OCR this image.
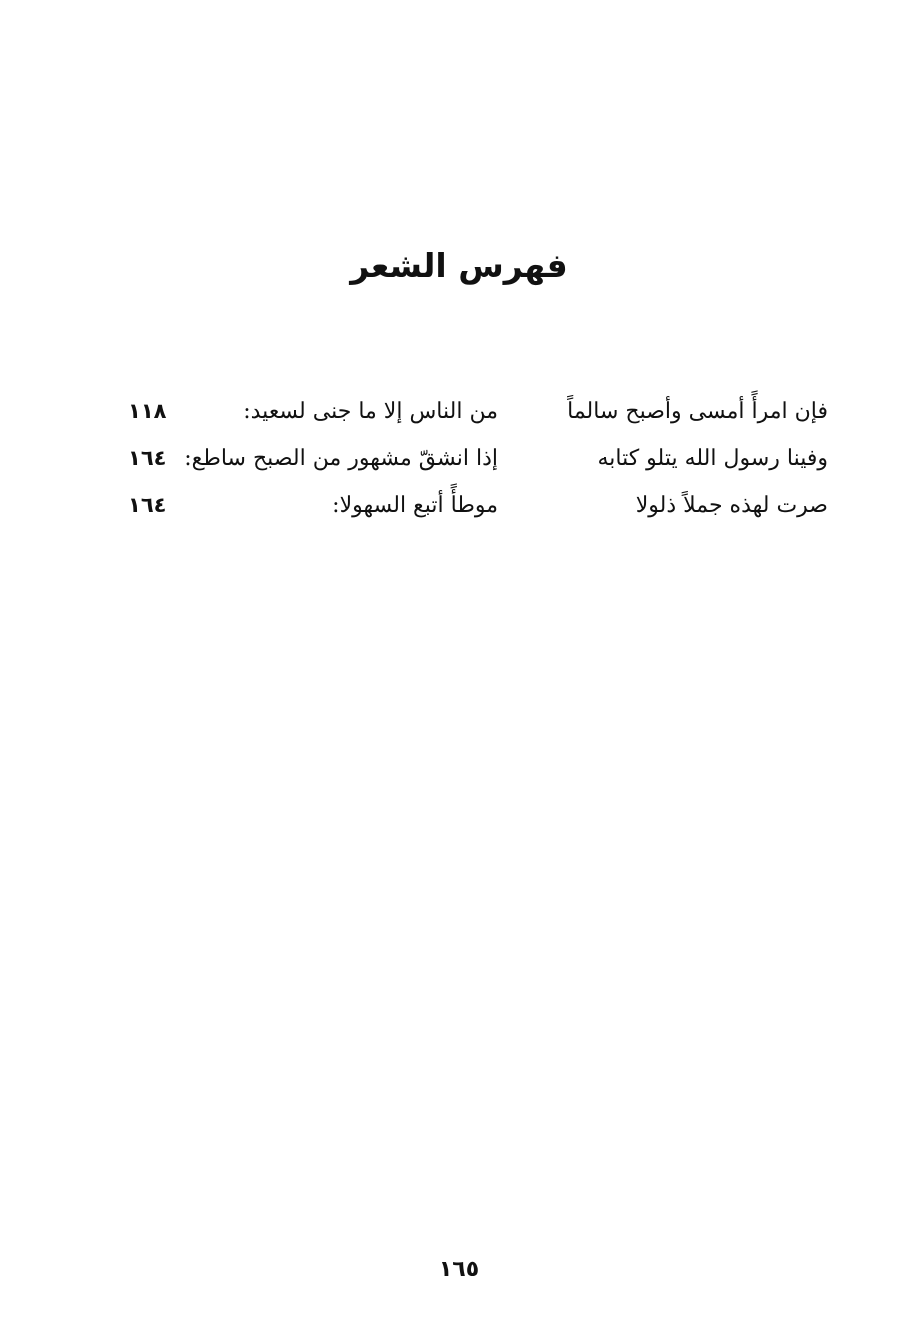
فهرس الشعر
فإن امرأً أمسى وأصبح سالماً
من الناس إلا ما جنى لسعيد:
١١٨
وفينا رسول الله يتلو كتابه
إذا انشقّ مشهور من الصبح ساطع:
١٦٤
صرت لهذه جملاً ذلولا
موطأً أتبع السهولا:
١٦٤
١٦٥
